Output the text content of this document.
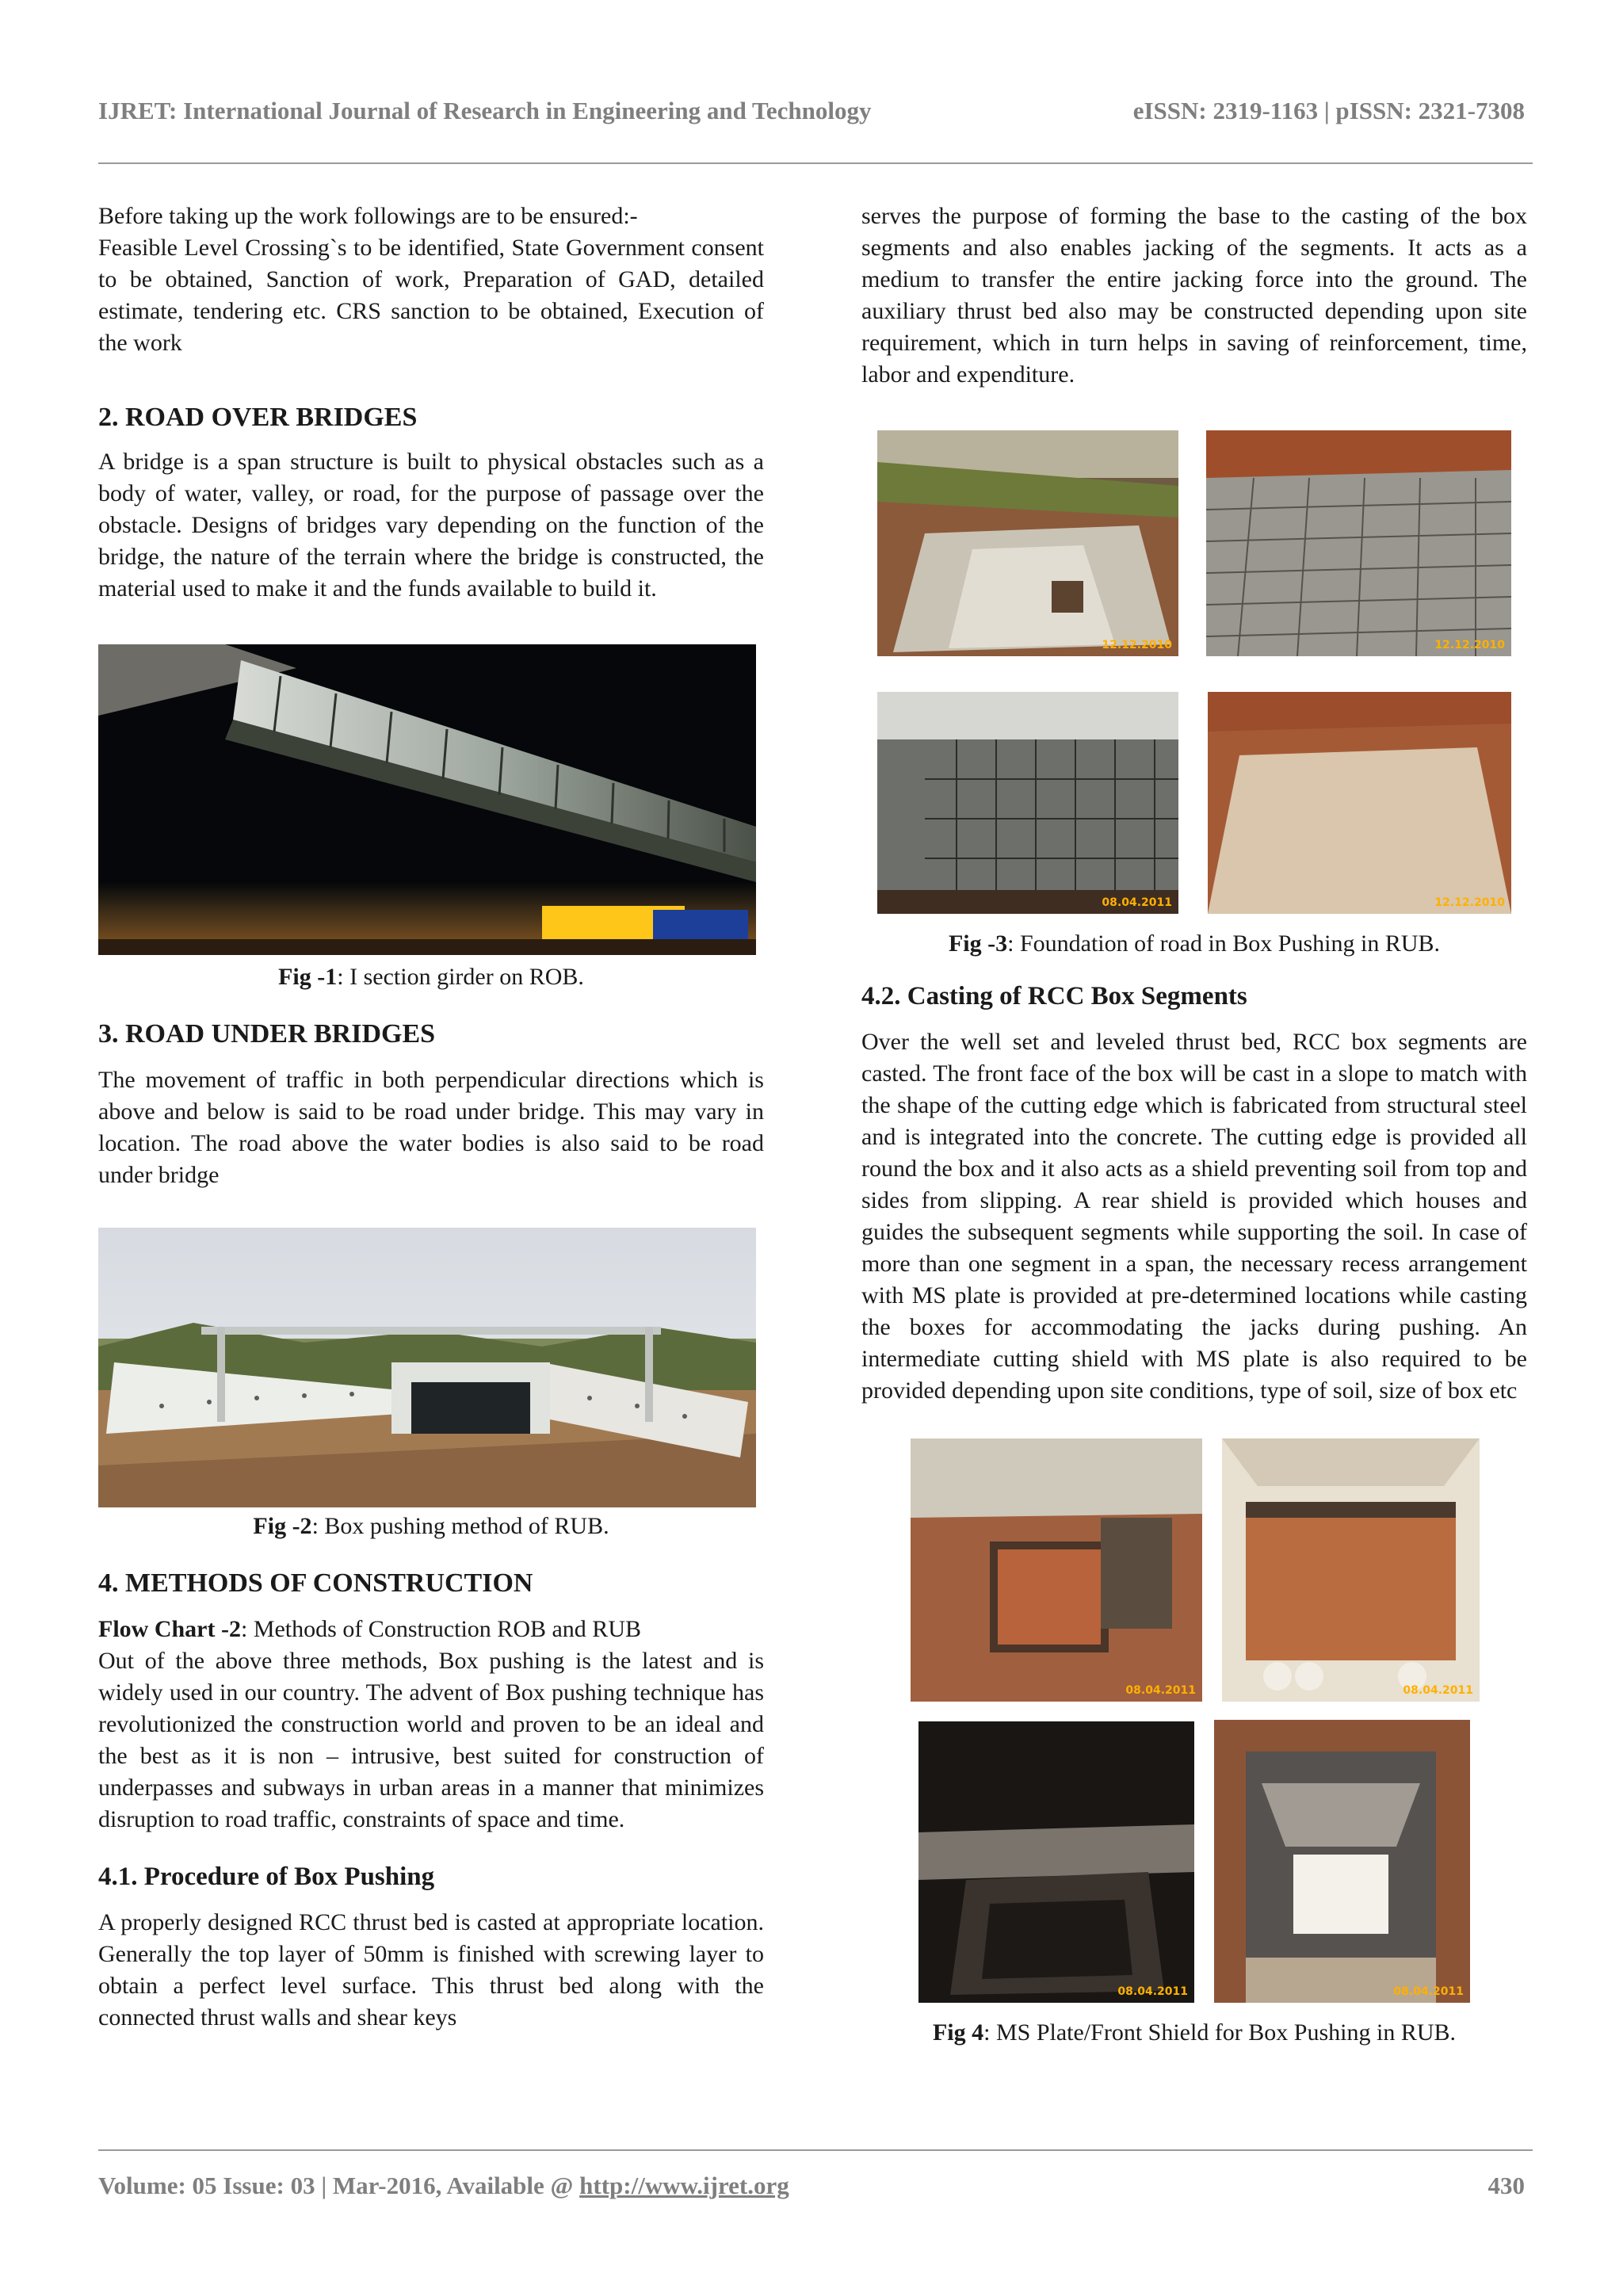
IJRET: International Journal of Research in Engineering and Technology	eISSN: 2319-1163 | pISSN: 2321-7308

Before taking up the work followings are to be ensured:-

Feasible Level Crossing`s to be identified, State Government consent to be obtained, Sanction of work, Preparation of GAD, detailed estimate, tendering etc. CRS sanction to be obtained, Execution of the work

2. ROAD OVER BRIDGES

A bridge is a span structure is built to physical obstacles such as a body of water, valley, or road, for the purpose of passage over the obstacle. Designs of bridges vary depending on the function of the bridge, the nature of the terrain where the bridge is constructed, the material used to make it and the funds available to build it.

Fig -1: I section girder on ROB.
3. ROAD UNDER BRIDGES

The movement of traffic in both perpendicular directions which is above and below is said to be road under bridge. This may vary in location. The road above the water bodies is also said to be road under bridge

Fig -2: Box pushing method of RUB.
4. METHODS OF CONSTRUCTION

Flow Chart -2: Methods of Construction ROB and RUB

Out of the above three methods, Box pushing is the latest and is widely used in our country. The advent of Box pushing technique has revolutionized the construction world and proven to be an ideal and the best as it is non – intrusive, best suited for construction of underpasses and subways in urban areas in a manner that minimizes disruption to road traffic, constraints of space and time.

4.1. Procedure of Box Pushing

A properly designed RCC thrust bed is casted at appropriate location. Generally the top layer of 50mm is finished with screwing layer to obtain a perfect level surface. This thrust bed along with the connected thrust walls and shear keys

serves the purpose of forming the base to the casting of the box segments and also enables jacking of the segments. It acts as a medium to transfer the entire jacking force into the ground. The auxiliary thrust bed also may be constructed depending upon site requirement, which in turn helps in saving of reinforcement, time, labor and expenditure.

12.12.2010	12.12.2010
08.04.2011	12.12.2010
Fig -3: Foundation of road in Box Pushing in RUB.
4.2. Casting of RCC Box Segments

Over the well set and leveled thrust bed, RCC box segments are casted. The front face of the box will be cast in a slope to match with the shape of the cutting edge which is fabricated from structural steel and is integrated into the concrete. The cutting edge is provided all round the box and it also acts as a shield preventing soil from top and sides from slipping. A rear shield is provided which houses and guides the subsequent segments while supporting the soil. In case of more than one segment in a span, the necessary recess arrangement with MS plate is provided at pre-determined locations while casting the boxes for accommodating the jacks during pushing. An intermediate cutting shield with MS plate is also required to be provided depending upon site conditions, type of soil, size of box etc

08.04.2011	08.04.2011
08.04.2011	08.04.2011
Fig 4: MS Plate/Front Shield for Box Pushing in RUB.
Volume: 05 Issue: 03 | Mar-2016, Available @ http://www.ijret.org	430
